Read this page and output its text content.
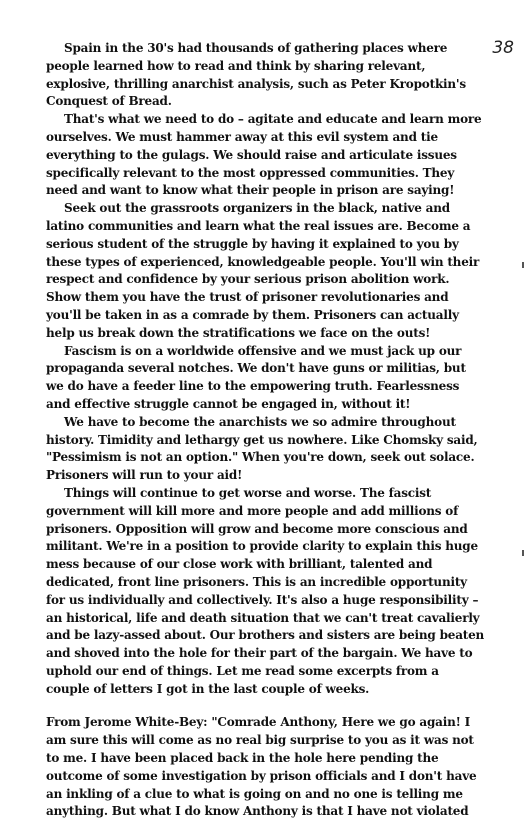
38

Spain in the 30's had thousands of gathering places where people learned how to read and think by sharing relevant, explosive, thrilling anarchist analysis, such as Peter Kropotkin's Conquest of Bread.

That's what we need to do – agitate and educate and learn more ourselves. We must hammer away at this evil system and tie everything to the gulags. We should raise and articulate issues specifically relevant to the most oppressed communities. They need and want to know what their people in prison are saying!

Seek out the grassroots organizers in the black, native and latino communities and learn what the real issues are. Become a serious student of the struggle by having it explained to you by these types of experienced, knowledgeable people. You'll win their respect and confidence by your serious prison abolition work. Show them you have the trust of prisoner revolutionaries and you'll be taken in as a comrade by them. Prisoners can actually help us break down the stratifications we face on the outs!

Fascism is on a worldwide offensive and we must jack up our propaganda several notches. We don't have guns or militias, but we do have a feeder line to the empowering truth. Fearlessness and effective struggle cannot be engaged in, without it!

We have to become the anarchists we so admire throughout history. Timidity and lethargy get us nowhere. Like Chomsky said, "Pessimism is not an option." When you're down, seek out solace. Prisoners will run to your aid!

Things will continue to get worse and worse. The fascist government will kill more and more people and add millions of prisoners. Opposition will grow and become more conscious and militant. We're in a position to provide clarity to explain this huge mess because of our close work with brilliant, talented and dedicated, front line prisoners. This is an incredible opportunity for us individually and collectively. It's also a huge responsibility – an historical, life and death situation that we can't treat cavalierly and be lazy-assed about. Our brothers and sisters are being beaten and shoved into the hole for their part of the bargain. We have to uphold our end of things. Let me read some excerpts from a couple of letters I got in the last couple of weeks.

From Jerome White-Bey: "Comrade Anthony, Here we go again! I am sure this will come as no real big surprise to you as it was not to me. I have been placed back in the hole here pending the outcome of some investigation by prison officials and I don't have an inkling of a clue to what is going on and no one is telling me anything. But what I do know Anthony is that I have not violated
